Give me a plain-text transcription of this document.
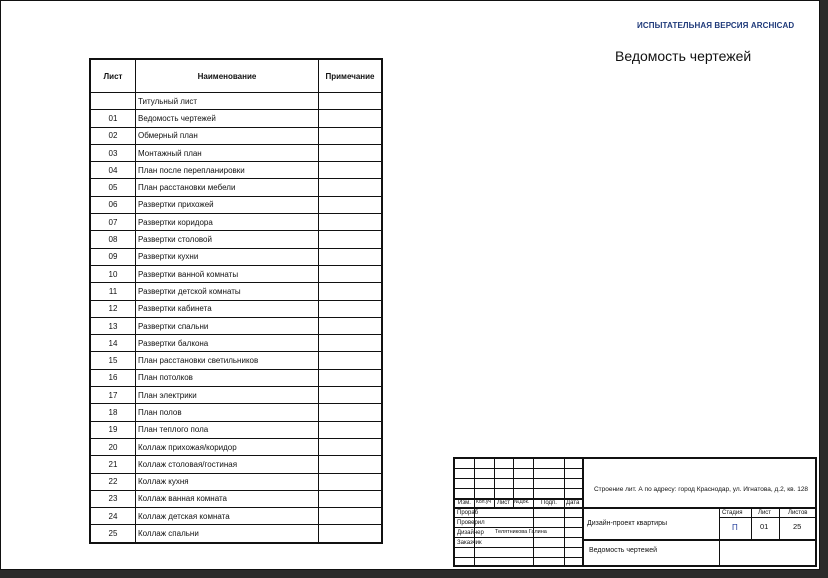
ИСПЫТАТЕЛЬНАЯ ВЕРСИЯ ARCHICAD
Ведомость чертежей
Лист	Наименование	Примечание
	Титульный лист	
01	Ведомость чертежей	
02	Обмерный план	
03	Монтажный план	
04	План после перепланировки	
05	План расстановки мебели	
06	Развертки прихожей	
07	Развертки коридора	
08	Развертки столовой	
09	Развертки кухни	
10	Развертки ванной комнаты	
11	Развертки детской комнаты	
12	Развертки кабинета	
13	Развертки спальни	
14	Развертки балкона	
15	План расстановки светильников	
16	План потолков	
17	План электрики	
18	План полов	
19	План теплого пола	
20	Коллаж прихожая/коридор	
21	Коллаж столовая/гостиная	
22	Коллаж кухня	
23	Коллаж ванная комната	
24	Коллаж детская комната	
25	Коллаж спальни	
Изм. Кол.уч Лист №Док. Подп. Дата
Прораб
Проверил
Дизайнер Телятникова Галина
Заказчик
Строение лит. А по адресу: город Краснодар, ул. Игнатова, д.2, кв. 128
Дизайн-проект квартиры
Ведомость чертежей
Стадия	Лист	Листов
П	01	25
